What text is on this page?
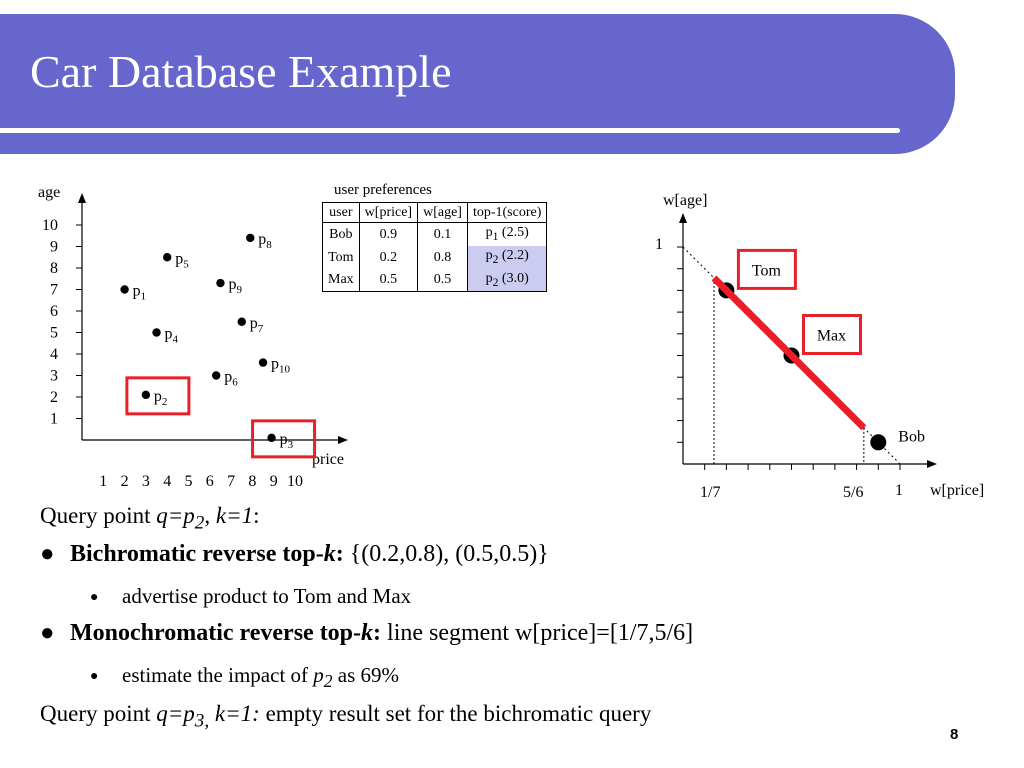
Car Database Example
age
price
1
2
3
4
5
6
7
8
9
10
1 2 3 4 5 6 7 8 9 10
$p_1$
$p_2$
$p_3$
$p_4$
$p_5$
$p_6$
$p_7$
$p_8$
$p_9$
$p_{10}$
user preferences
user	w[price]	w[age]	top-1(score)
Bob	0.9	0.1	$p_1$ (2.5)
Tom	0.2	0.8	$p_2$ (2.2)
Max	0.5	0.5	$p_2$ (3.0)
w[age]
1
w[price]
1
1/7	5/6
Tom
Max
Bob
Query point $q=p_2$, k=1:
● Bichromatic reverse top-k: {(0.2,0.8), (0.5,0.5)}
● advertise product to Tom and Max
● Monochromatic reverse top-k: line segment w[price]=[1/7,5/6]
● estimate the impact of $p_2$ as 69%
Query point $q=p_{3,}$ k=1: empty result set for the bichromatic query
8
